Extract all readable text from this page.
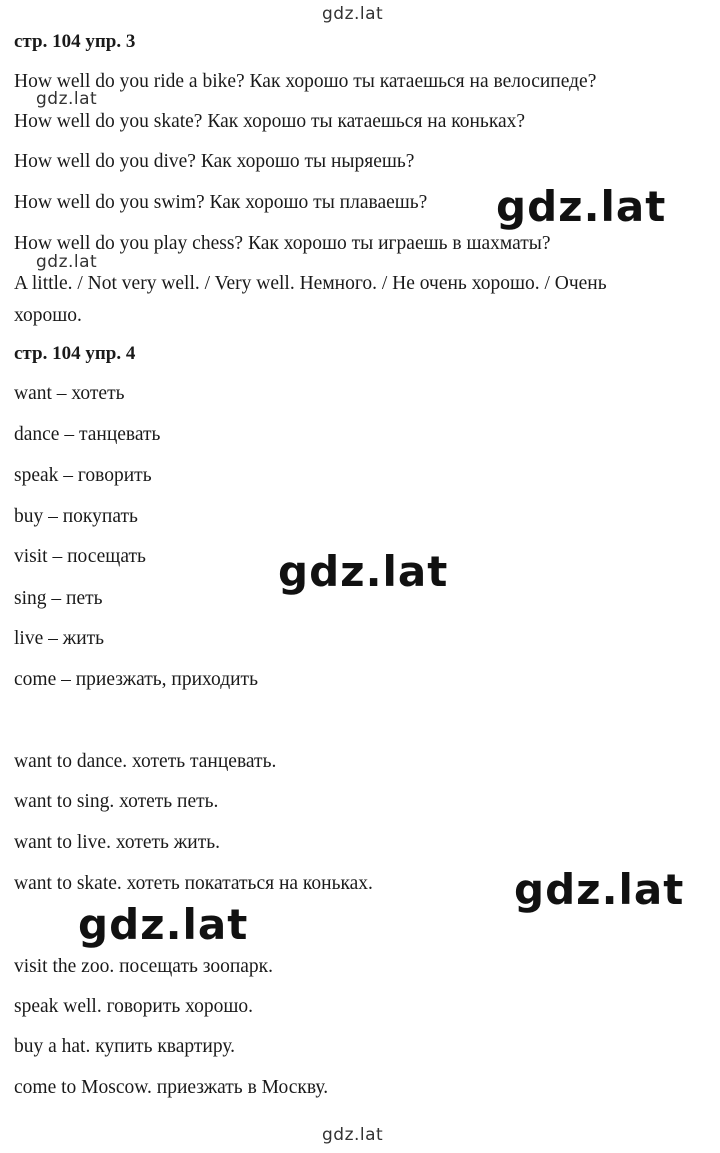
стр. 104 упр. 3
How well do you ride a bike? Как хорошо ты катаешься на велосипеде?
How well do you skate? Как хорошо ты катаешься на коньках?
How well do you dive? Как хорошо ты ныряешь?
How well do you swim? Как хорошо ты плаваешь?
How well do you play chess? Как хорошо ты играешь в шахматы?
A little. / Not very well. / Very well. Немного. / Не очень хорошо. / Очень
хорошо.
стр. 104 упр. 4
want – хотеть
dance – танцевать
speak – говорить
buy – покупать
visit – посещать
sing – петь
live – жить
come – приезжать, приходить
want to dance. хотеть танцевать.
want to sing. хотеть петь.
want to live. хотеть жить.
want to skate. хотеть покататься на коньках.
visit the zoo. посещать зоопарк.
speak well. говорить хорошо.
buy a hat. купить квартиру.
come to Moscow. приезжать в Москву.
gdz.lat
gdz.lat
gdz.lat
gdz.lat
gdz.lat
gdz.lat
gdz.lat
gdz.lat
